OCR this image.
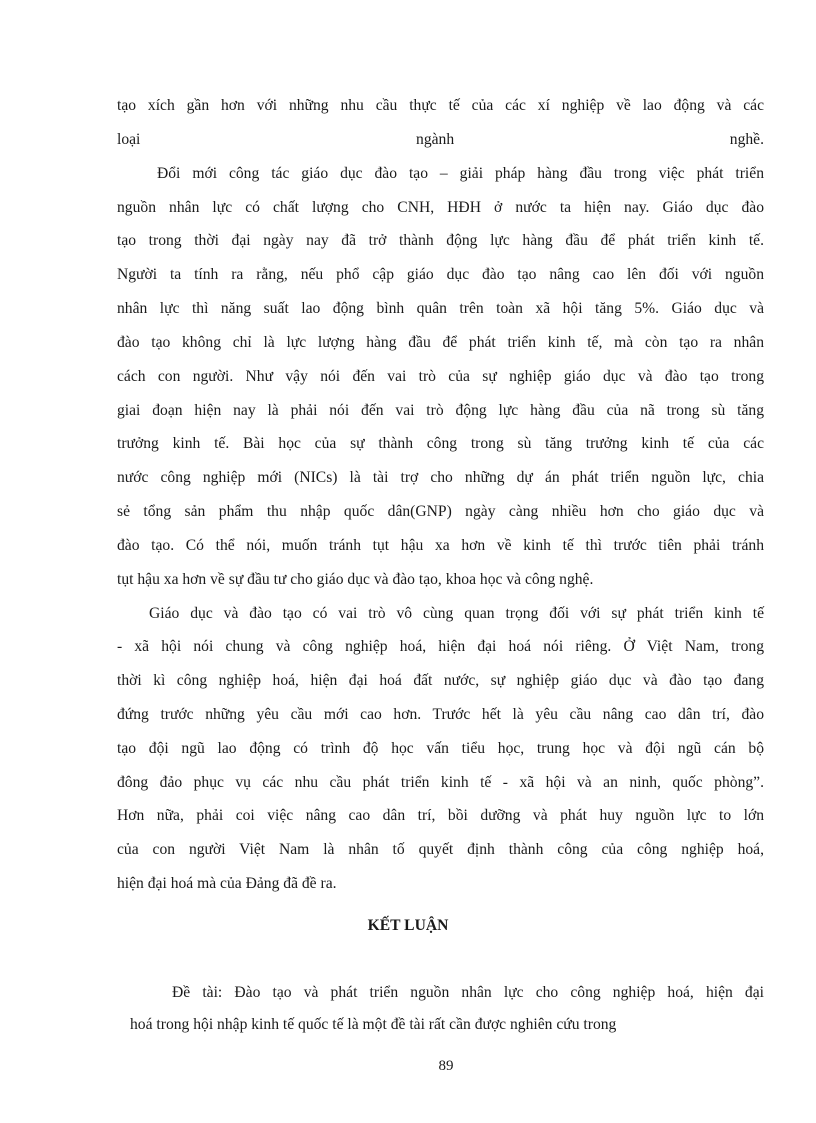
tạo xích gần hơn với những nhu cầu thực tế của các xí nghiệp về lao động và các
loại ngành nghề.
Đổi mới công tác giáo dục đào tạo – giải pháp hàng đầu trong việc phát triển
nguồn nhân lực có chất lượng cho CNH, HĐH ở nước ta hiện nay. Giáo dục đào
tạo trong thời đại ngày nay đã trở thành động lực hàng đầu để phát triển kinh tế.
Người ta tính ra rằng, nếu phổ cập giáo dục đào tạo nâng cao lên đối với nguồn
nhân lực thì năng suất lao động bình quân trên toàn xã hội tăng 5%. Giáo dục và
đào tạo không chỉ là lực lượng hàng đầu để phát triển kinh tế, mà còn tạo ra nhân
cách con người. Như vậy nói đến vai trò của sự nghiệp giáo dục và đào tạo trong
giai đoạn hiện nay là phải nói đến vai trò động lực hàng đầu của nã trong sù tăng
trưởng kinh tế. Bài học của sự thành công trong sù tăng trưởng kinh tế của các
nước công nghiệp mới (NICs) là tài trợ cho những dự án phát triển nguồn lực, chia
sẻ tổng sản phẩm thu nhập quốc dân(GNP) ngày càng nhiều hơn cho giáo dục và
đào tạo. Có thể nói, muốn tránh tụt hậu xa hơn về kinh tế thì trước tiên phải tránh
tụt hậu xa hơn về sự đầu tư cho giáo dục và đào tạo, khoa học và công nghệ.
Giáo dục và đào tạo có vai trò vô cùng quan trọng đối với sự phát triển kinh tế
- xã hội nói chung và công nghiệp hoá, hiện đại hoá nói riêng. Ở Việt Nam, trong
thời kì công nghiệp hoá, hiện đại hoá đất nước, sự nghiệp giáo dục và đào tạo đang
đứng trước những yêu cầu mới cao hơn. Trước hết là yêu cầu nâng cao dân trí, đào
tạo đội ngũ lao động có trình độ học vấn tiểu học, trung học và đội ngũ cán bộ
đông đảo phục vụ các nhu cầu phát triển kinh tế - xã hội và an ninh, quốc phòng”.
Hơn nữa, phải coi việc nâng cao dân trí, bồi dưỡng và phát huy nguồn lực to lớn
của con người Việt Nam là nhân tố quyết định thành công của công nghiệp hoá,
hiện đại hoá mà của Đảng đã đề ra.
KẾT LUẬN
Đề tài: Đào tạo và phát triển nguồn nhân lực cho công nghiệp hoá, hiện đại
hoá trong hội nhập kinh tế quốc tế là một đề tài rất cần được nghiên cứu trong
89
